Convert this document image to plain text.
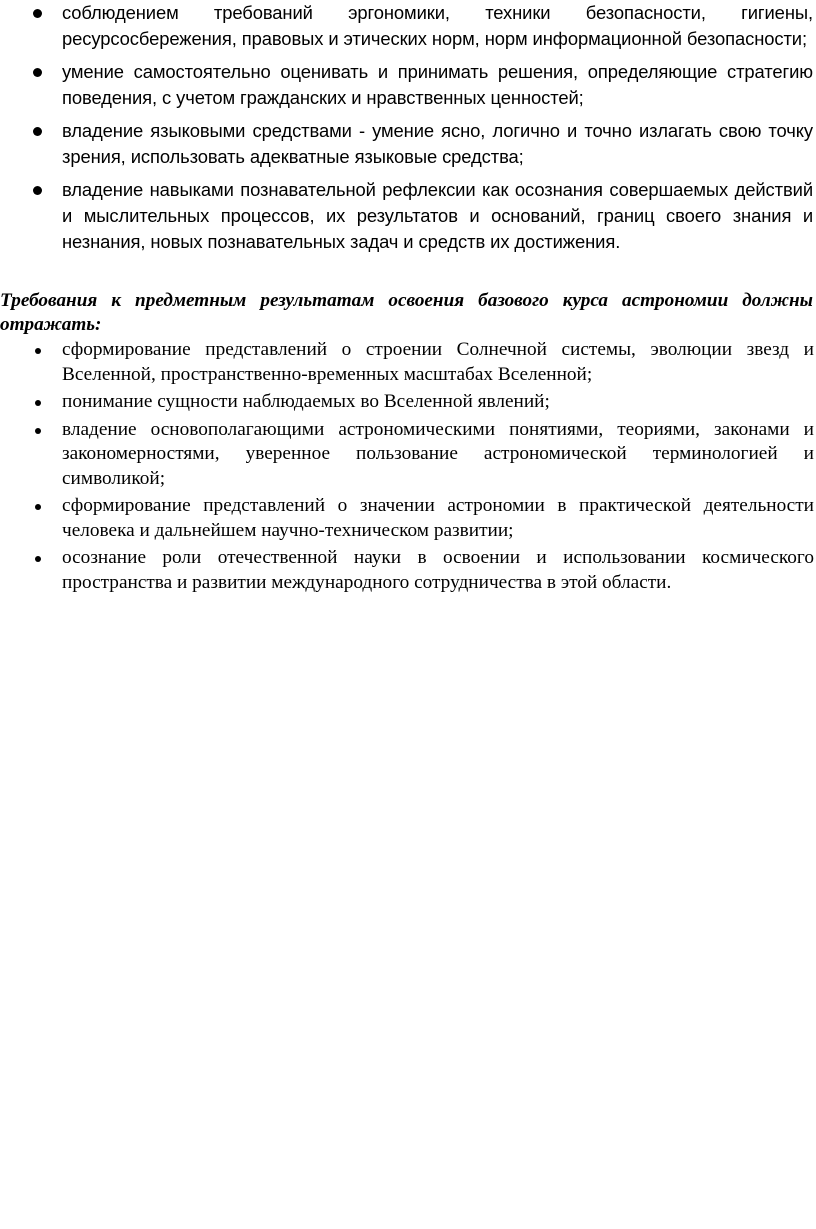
соблюдением требований эргономики, техники безопасности, гигиены, ресурсосбережения, правовых и этических норм, норм информационной безопасности;
умение самостоятельно оценивать и принимать решения, определяющие стратегию поведения, с учетом гражданских и нравственных ценностей;
владение языковыми средствами - умение ясно, логично и точно излагать свою точку зрения, использовать адекватные языковые средства;
владение навыками познавательной рефлексии как осознания совершаемых действий и мыслительных процессов, их результатов и оснований, границ своего знания и незнания, новых познавательных задач и средств их достижения.

Требования к предметным результатам освоения базового курса астрономии должны отражать:

сформирование представлений о строении Солнечной системы, эволюции звезд и Вселенной, пространственно-временных масштабах Вселенной;
понимание сущности наблюдаемых во Вселенной явлений;
владение основополагающими астрономическими понятиями, теориями, законами и закономерностями, уверенное пользование астрономической терминологией и символикой;
сформирование представлений о значении астрономии в практической деятельности человека и дальнейшем научно-техническом развитии;
осознание роли отечественной науки в освоении и использовании космического пространства и развитии международного сотрудничества в этой области.
